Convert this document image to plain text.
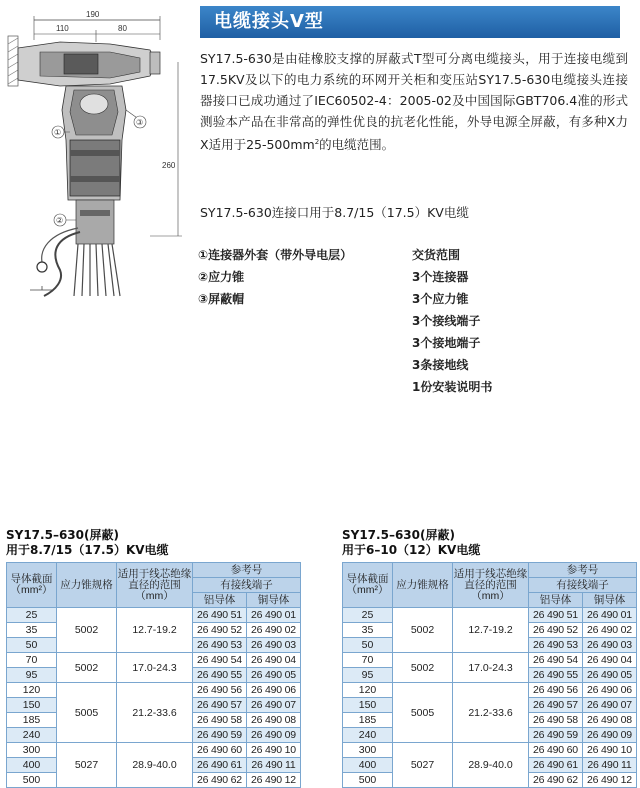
190
110	80
260
①
②
③
电缆接头V型

SY17.5-630是由硅橡胶支撑的屏蔽式T型可分离电缆接头，用于连接电缆到17.5KV及以下的电力系统的环网开关柜和变压站SY17.5-630电缆接头连接器接口已成功通过了IEC60502-4：2005-02及中国国际GBT706.4准的形式测验本产品在非常高的弹性优良的抗老化性能，外导电源全屏蔽，有多种X力X适用于$25-500mm^2$的电缆范围。

SY17.5-630连接口用于8.7/15（17.5）KV电缆
①连接器外套（带外导电层）
②应力锥
③屏蔽帽
交货范围
3个连接器
3个应力锥
3个接线端子
3个接地端子
3条接地线
1份安装说明书
SY17.5–630(屏蔽)
用于8.7/15（17.5）KV电缆
导体截面（mm²）	应力锥规格	适用于线芯绝缘直径的范围（mm）	参考号	
			有接线端子	
			铝导体	铜导体
25	5002	12.7-19.2	26 490 51	26 490 01
35			26 490 52	26 490 02
50			26 490 53	26 490 03
70	5002	17.0-24.3	26 490 54	26 490 04
95			26 490 55	26 490 05
120	5005	21.2-33.6	26 490 56	26 490 06
150			26 490 57	26 490 07
185			26 490 58	26 490 08
240			26 490 59	26 490 09
300	5027	28.9-40.0	26 490 60	26 490 10
400			26 490 61	26 490 11
500			26 490 62	26 490 12
SY17.5–630(屏蔽)
用于6–10（12）KV电缆
导体截面（mm²）	应力锥规格	适用于线芯绝缘直径的范围（mm）	参考号	
			有接线端子	
			铝导体	铜导体
25	5002	12.7-19.2	26 490 51	26 490 01
35			26 490 52	26 490 02
50			26 490 53	26 490 03
70	5002	17.0-24.3	26 490 54	26 490 04
95			26 490 55	26 490 05
120	5005	21.2-33.6	26 490 56	26 490 06
150			26 490 57	26 490 07
185			26 490 58	26 490 08
240			26 490 59	26 490 09
300	5027	28.9-40.0	26 490 60	26 490 10
400			26 490 61	26 490 11
500			26 490 62	26 490 12
